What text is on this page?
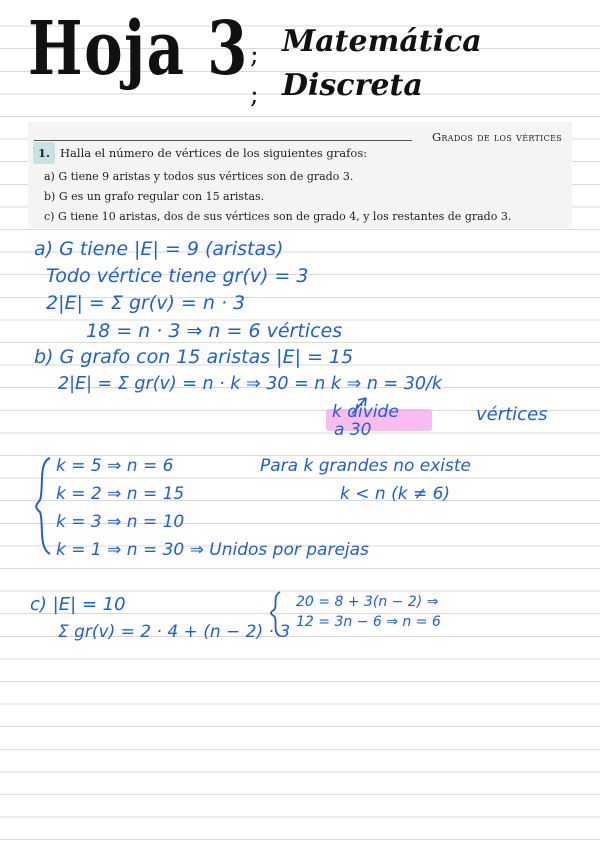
Hoja 3 ;
;
Matemática
Discreta
Grados de los vértices
1. Halla el número de vértices de los siguientes grafos:
a) G tiene 9 aristas y todos sus vértices son de grado 3.
b) G es un grafo regular con 15 aristas.
c) G tiene 10 aristas, dos de sus vértices son de grado 4, y los restantes de grado 3.
a) G tiene |E| = 9 (aristas)
Todo vértice tiene gr(v) = 3
2|E| = Σ gr(v) = n · 3
18 = n · 3 ⇒ n = 6 vértices
b) G grafo con 15 aristas |E| = 15
2|E| = Σ gr(v) = n · k ⇒ 30 = n k ⇒ n = 30/k
k divide
a 30
vértices
k = 5 ⇒ n = 6
k = 2 ⇒ n = 15
k = 3 ⇒ n = 10
k = 1 ⇒ n = 30 ⇒ Unidos por parejas
Para k grandes no existe
k < n (k ≠ 6)
c) |E| = 10
Σ gr(v) = 2 · 4 + (n − 2) · 3
20 = 8 + 3(n − 2) ⇒
12 = 3n − 6 ⇒ n = 6
